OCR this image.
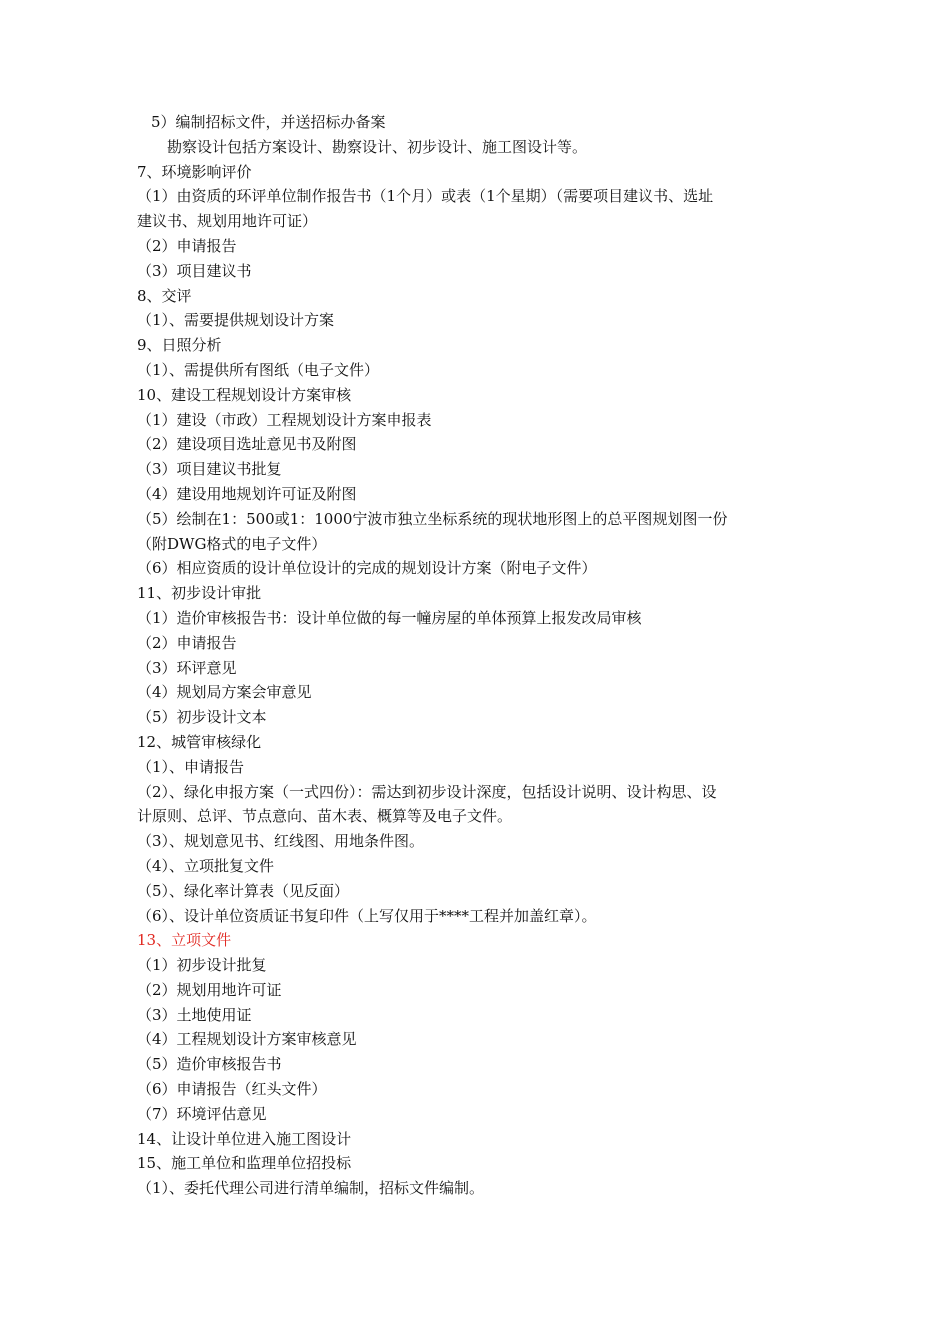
5）编制招标文件，并送招标办备案
勘察设计包括方案设计、勘察设计、初步设计、施工图设计等。
7、环境影响评价
（1）由资质的环评单位制作报告书（1个月）或表（1个星期）（需要项目建议书、选址
建议书、规划用地许可证）
（2）申请报告
（3）项目建议书
8、交评
（1）、需要提供规划设计方案
9、日照分析
（1）、需提供所有图纸（电子文件）
10、建设工程规划设计方案审核
（1）建设（市政）工程规划设计方案申报表
（2）建设项目选址意见书及附图
（3）项目建议书批复
（4）建设用地规划许可证及附图
（5）绘制在1：500或1：1000宁波市独立坐标系统的现状地形图上的总平图规划图一份
（附DWG格式的电子文件）
（6）相应资质的设计单位设计的完成的规划设计方案（附电子文件）
11、初步设计审批
（1）造价审核报告书：设计单位做的每一幢房屋的单体预算上报发改局审核
（2）申请报告
（3）环评意见
（4）规划局方案会审意见
（5）初步设计文本
12、城管审核绿化
（1）、申请报告
（2）、绿化申报方案（一式四份）：需达到初步设计深度，包括设计说明、设计构思、设
计原则、总评、节点意向、苗木表、概算等及电子文件。
（3）、规划意见书、红线图、用地条件图。
（4）、立项批复文件
（5）、绿化率计算表（见反面）
（6）、设计单位资质证书复印件（上写仅用于****工程并加盖红章）。
13、立项文件
（1）初步设计批复
（2）规划用地许可证
（3）土地使用证
（4）工程规划设计方案审核意见
（5）造价审核报告书
（6）申请报告（红头文件）
（7）环境评估意见
14、让设计单位进入施工图设计
15、施工单位和监理单位招投标
（1）、委托代理公司进行清单编制，招标文件编制。
